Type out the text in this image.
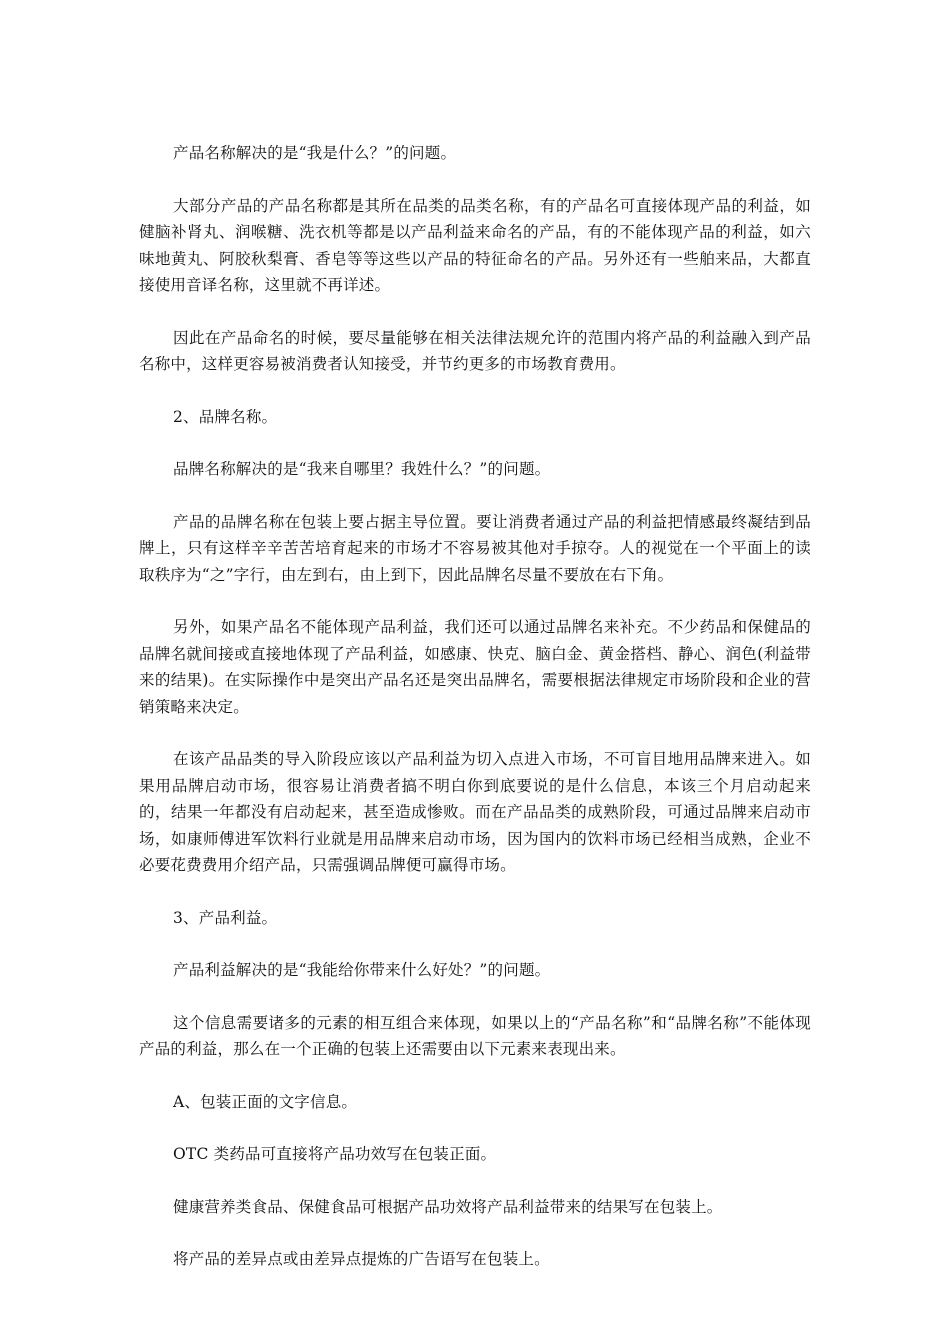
产品名称解决的是“我是什么？”的问题。

大部分产品的产品名称都是其所在品类的品类名称，有的产品名可直接体现产品的利益，如健脑补肾丸、润喉糖、洗衣机等都是以产品利益来命名的产品，有的不能体现产品的利益，如六味地黄丸、阿胶秋梨膏、香皂等等这些以产品的特征命名的产品。另外还有一些舶来品，大都直接使用音译名称，这里就不再详述。

因此在产品命名的时候，要尽量能够在相关法律法规允许的范围内将产品的利益融入到产品名称中，这样更容易被消费者认知接受，并节约更多的市场教育费用。

2、品牌名称。

品牌名称解决的是“我来自哪里？我姓什么？”的问题。

产品的品牌名称在包装上要占据主导位置。要让消费者通过产品的利益把情感最终凝结到品牌上，只有这样辛辛苦苦培育起来的市场才不容易被其他对手掠夺。人的视觉在一个平面上的读取秩序为“之”字行，由左到右，由上到下，因此品牌名尽量不要放在右下角。

另外，如果产品名不能体现产品利益，我们还可以通过品牌名来补充。不少药品和保健品的品牌名就间接或直接地体现了产品利益，如感康、快克、脑白金、黄金搭档、静心、润色(利益带来的结果)。在实际操作中是突出产品名还是突出品牌名，需要根据法律规定市场阶段和企业的营销策略来决定。

在该产品品类的导入阶段应该以产品利益为切入点进入市场，不可盲目地用品牌来进入。如果用品牌启动市场，很容易让消费者搞不明白你到底要说的是什么信息，本该三个月启动起来的，结果一年都没有启动起来，甚至造成惨败。而在产品品类的成熟阶段，可通过品牌来启动市场，如康师傅进军饮料行业就是用品牌来启动市场，因为国内的饮料市场已经相当成熟，企业不必要花费费用介绍产品，只需强调品牌便可赢得市场。

3、产品利益。

产品利益解决的是“我能给你带来什么好处？”的问题。

这个信息需要诸多的元素的相互组合来体现，如果以上的“产品名称”和“品牌名称”不能体现产品的利益，那么在一个正确的包装上还需要由以下元素来表现出来。

A、包装正面的文字信息。

OTC 类药品可直接将产品功效写在包装正面。

健康营养类食品、保健食品可根据产品功效将产品利益带来的结果写在包装上。

将产品的差异点或由差异点提炼的广告语写在包装上。
